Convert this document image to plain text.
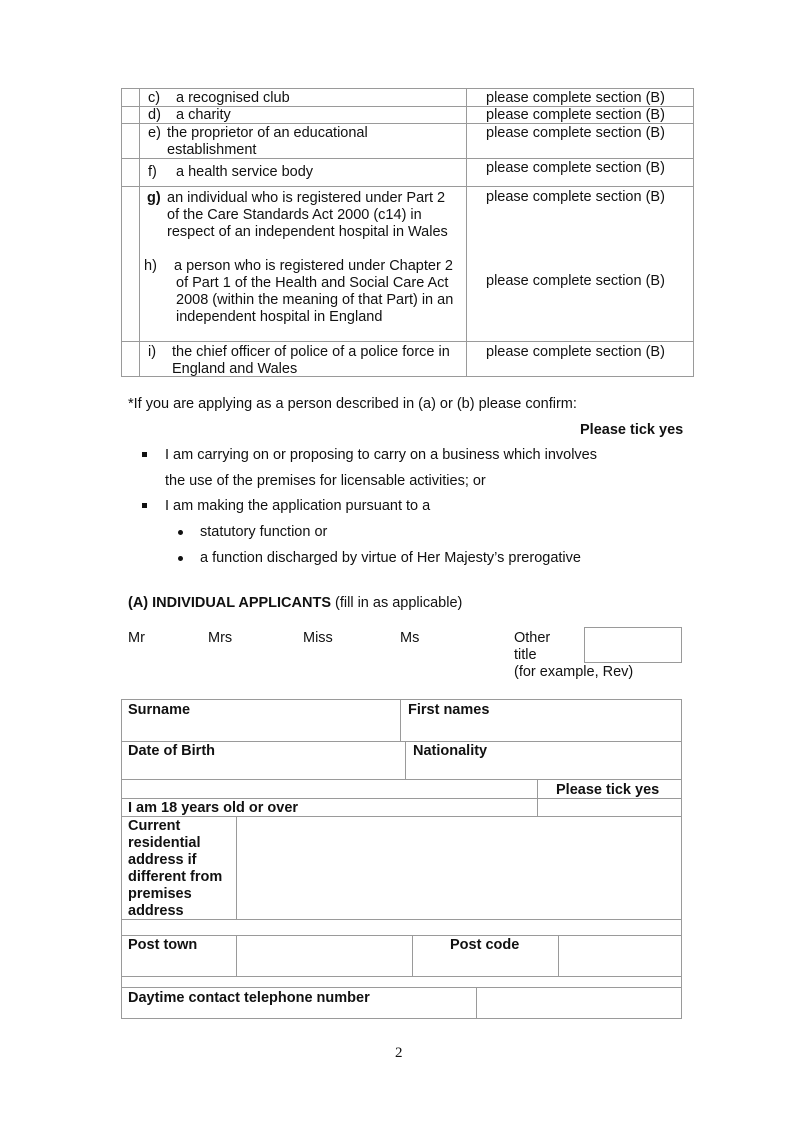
c) a recognised club	please complete section (B)
d) a charity	please complete section (B)
e) the proprietor of an educational
establishment
please complete section (B)
f) a health service body	please complete section (B)
g) an individual who is registered under Part 2
of the Care Standards Act 2000 (c14) in
respect of an independent hospital in Wales
please complete section (B)
h) a person who is registered under Chapter 2
of Part 1 of the Health and Social Care Act
2008 (within the meaning of that Part) in an
independent hospital in England
please complete section (B)
i) the chief officer of police of a police force in
England and Wales
please complete section (B)
*If you are applying as a person described in (a) or (b) please confirm:
Please tick yes
I am carrying on or proposing to carry on a business which involves
the use of the premises for licensable activities; or
I am making the application pursuant to a
statutory function or
a function discharged by virtue of Her Majesty’s prerogative
(A) INDIVIDUAL APPLICANTS (fill in as applicable)
Mr	Mrs	Miss	Ms	Other
title
(for example, Rev)
Surname	First names
Date of Birth	Nationality
Please tick yes
I am 18 years old or over
Current
residential
address if
different from
premises
address
Post town	Post code
Daytime contact telephone number
2
